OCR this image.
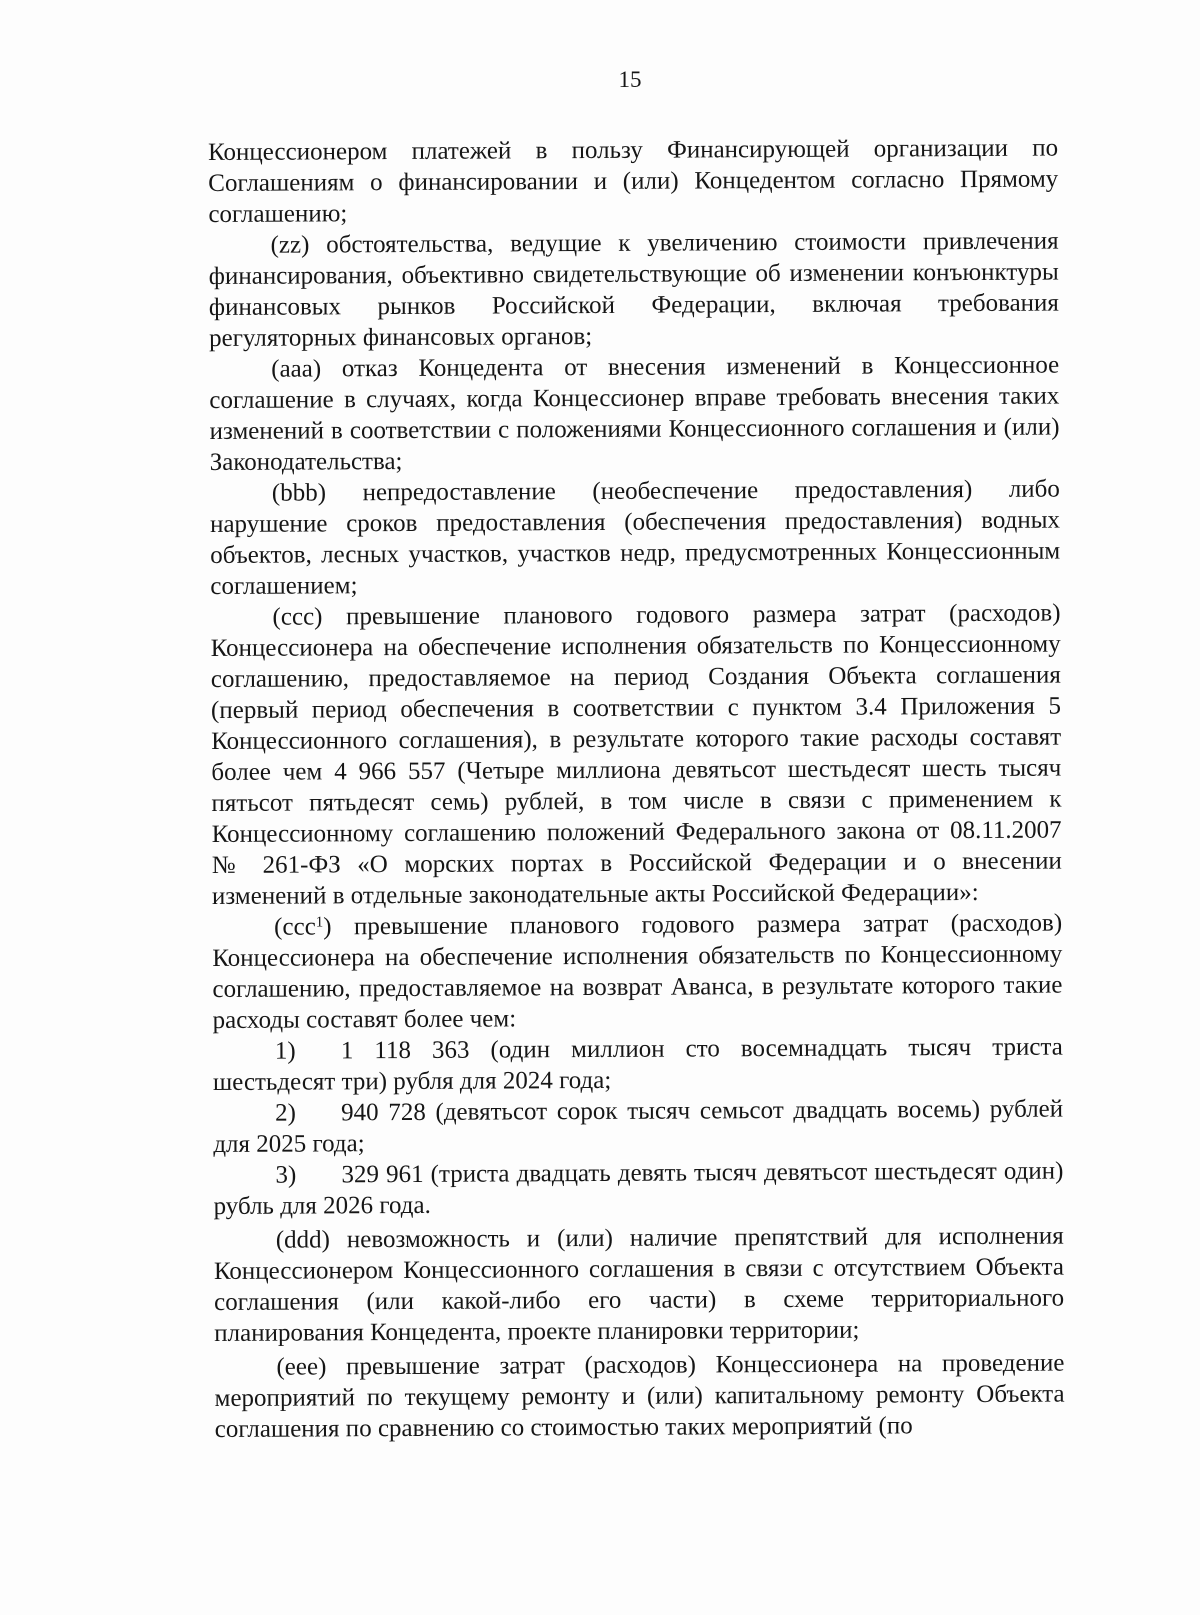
15

Концессионером платежей в пользу Финансирующей организации по Соглашениям о финансировании и (или) Концедентом согласно Прямому соглашению;

(zz) обстоятельства, ведущие к увеличению стоимости привлечения финансирования, объективно свидетельствующие об изменении конъюнктуры финансовых рынков Российской Федерации, включая требования регуляторных финансовых органов;

(aaa) отказ Концедента от внесения изменений в Концессионное соглашение в случаях, когда Концессионер вправе требовать внесения таких изменений в соответствии с положениями Концессионного соглашения и (или) Законодательства;

(bbb) непредоставление (необеспечение предоставления) либо нарушение сроков предоставления (обеспечения предоставления) водных объектов, лесных участков, участков недр, предусмотренных Концессионным соглашением;

(ccc) превышение планового годового размера затрат (расходов) Концессионера на обеспечение исполнения обязательств по Концессионному соглашению, предоставляемое на период Создания Объекта соглашения (первый период обеспечения в соответствии с пунктом 3.4 Приложения 5 Концессионного соглашения), в результате которого такие расходы составят более чем 4 966 557 (Четыре миллиона девятьсот шестьдесят шесть тысяч пятьсот пятьдесят семь) рублей, в том числе в связи с применением к Концессионному соглашению положений Федерального закона от 08.11.2007 № 261-ФЗ «О морских портах в Российской Федерации и о внесении изменений в отдельные законодательные акты Российской Федерации»:

(ccc$^1$) превышение планового годового размера затрат (расходов) Концессионера на обеспечение исполнения обязательств по Концессионному соглашению, предоставляемое на возврат Аванса, в результате которого такие расходы составят более чем:

1) 1 118 363 (один миллион сто восемнадцать тысяч триста шестьдесят три) рубля для 2024 года;

2) 940 728 (девятьсот сорок тысяч семьсот двадцать восемь) рублей для 2025 года;

3) 329 961 (триста двадцать девять тысяч девятьсот шестьдесят один) рубль для 2026 года.

(ddd) невозможность и (или) наличие препятствий для исполнения Концессионером Концессионного соглашения в связи с отсутствием Объекта соглашения (или какой-либо его части) в схеме территориального планирования Концедента, проекте планировки территории;

(eee) превышение затрат (расходов) Концессионера на проведение мероприятий по текущему ремонту и (или) капитальному ремонту Объекта соглашения по сравнению со стоимостью таких мероприятий (по
